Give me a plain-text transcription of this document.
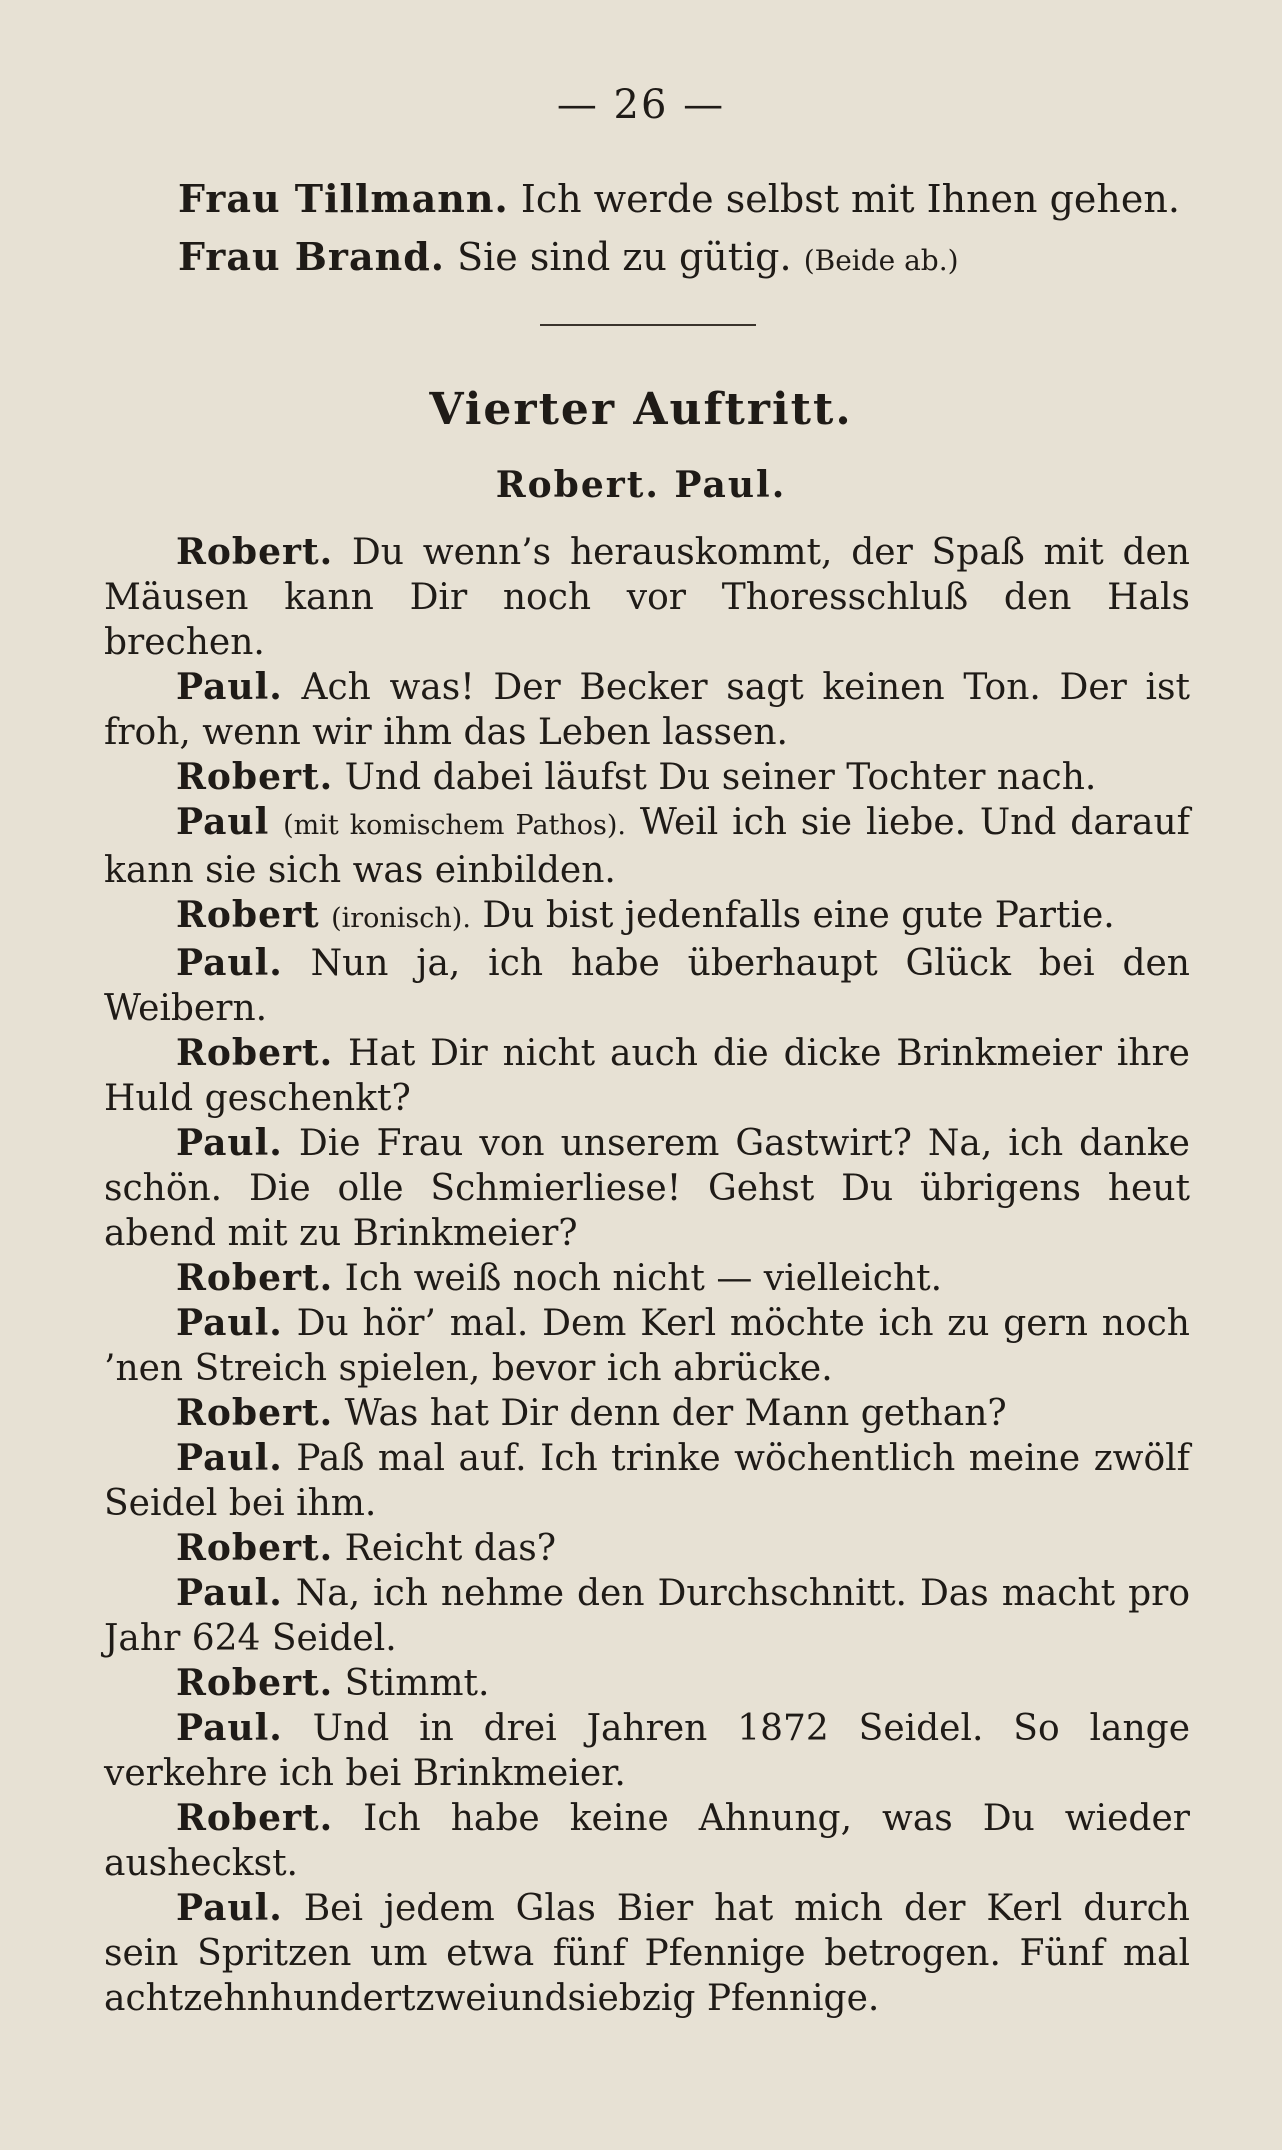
— 26 —
Frau Tillmann. Ich werde selbst mit Ihnen gehen.
Frau Brand. Sie sind zu gütig. (Beide ab.)
Vierter Auftritt.
Robert. Paul.
Robert. Du wenn’s herauskommt, der Spaß mit den Mäusen kann Dir noch vor Thoresschluß den Hals brechen.
Paul. Ach was! Der Becker sagt keinen Ton. Der ist froh, wenn wir ihm das Leben lassen.
Robert. Und dabei läufst Du seiner Tochter nach.
Paul (mit komischem Pathos). Weil ich sie liebe. Und darauf kann sie sich was einbilden.
Robert (ironisch). Du bist jedenfalls eine gute Partie.
Paul. Nun ja, ich habe überhaupt Glück bei den Weibern.
Robert. Hat Dir nicht auch die dicke Brinkmeier ihre Huld geschenkt?
Paul. Die Frau von unserem Gastwirt? Na, ich danke schön. Die olle Schmierliese! Gehst Du übrigens heut abend mit zu Brinkmeier?
Robert. Ich weiß noch nicht — vielleicht.
Paul. Du hör’ mal. Dem Kerl möchte ich zu gern noch ’nen Streich spielen, bevor ich abrücke.
Robert. Was hat Dir denn der Mann gethan?
Paul. Paß mal auf. Ich trinke wöchentlich meine zwölf Seidel bei ihm.
Robert. Reicht das?
Paul. Na, ich nehme den Durchschnitt. Das macht pro Jahr 624 Seidel.
Robert. Stimmt.
Paul. Und in drei Jahren 1872 Seidel. So lange verkehre ich bei Brinkmeier.
Robert. Ich habe keine Ahnung, was Du wieder ausheckst.
Paul. Bei jedem Glas Bier hat mich der Kerl durch sein Spritzen um etwa fünf Pfennige betrogen. Fünf mal achtzehnhundertzweiundsiebzig Pfennige.
